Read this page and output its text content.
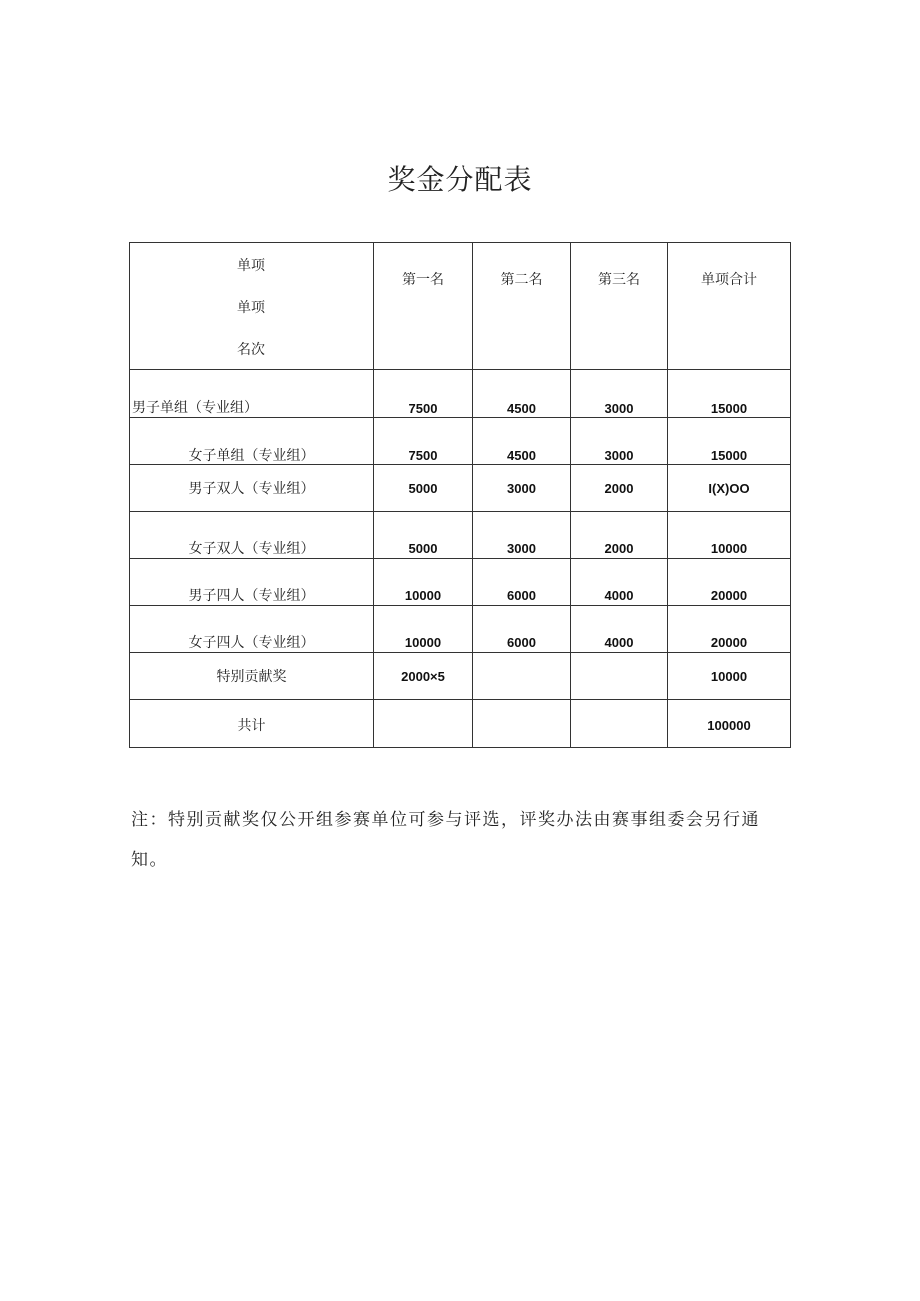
奖金分配表
单项
单项
名次	第一名	第二名	第三名	单项合计

男子单组（专业组）	7500	4500	3000	15000

女子单组（专业组）	7500	4500	3000	15000

男子双人（专业组）	5000	3000	2000	I(X)OO

女子双人（专业组）	5000	3000	2000	10000

男子四人（专业组）	10000	6000	4000	20000

女子四人（专业组）	10000	6000	4000	20000

特别贡献奖	2000×5			10000

共计				100000
注：特别贡献奖仅公开组参赛单位可参与评选，评奖办法由赛事组委会另行通知。
